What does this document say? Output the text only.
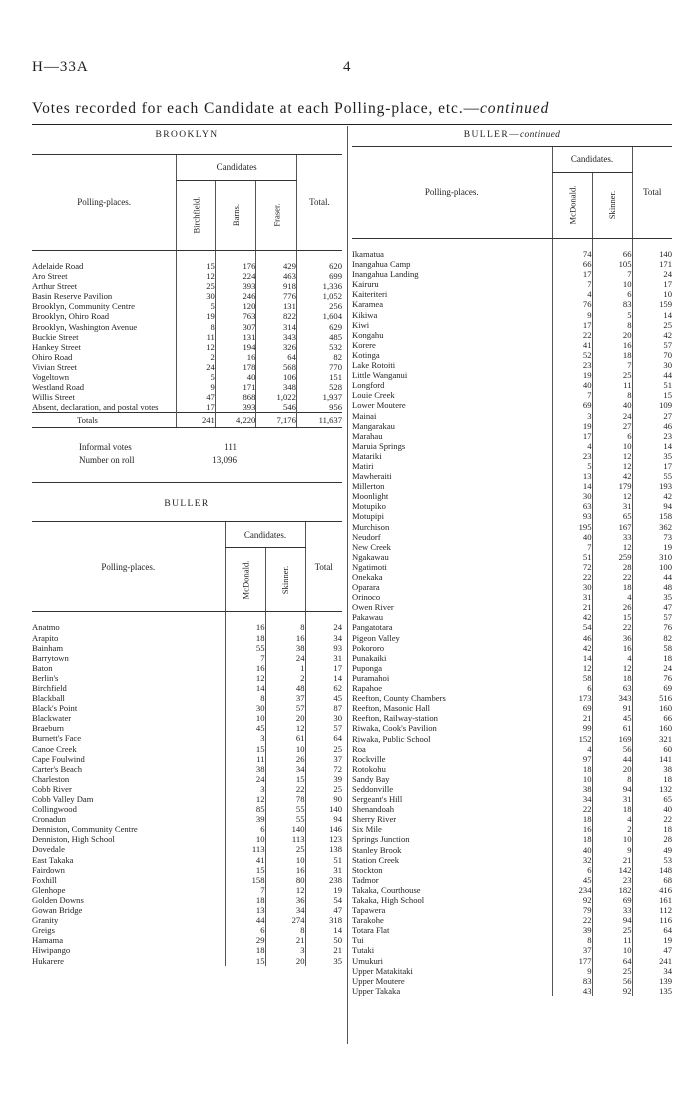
H—33A	4
Votes recorded for each Candidate at each Polling-place, etc.—continued
BROOKLYN
Polling-places.	Candidates			Total.
	Birchfield.	Barns.	Fraser.	

Adelaide Road	15	176	429	620
Aro Street	12	224	463	699
Arthur Street	25	393	918	1,336
Basin Reserve Pavilion	30	246	776	1,052
Brooklyn, Community Centre	5	120	131	256
Brooklyn, Ohiro Road	19	763	822	1,604
Brooklyn, Washington Avenue	8	307	314	629
Buckie Street	11	131	343	485
Hankey Street	12	194	326	532
Ohiro Road	2	16	64	82
Vivian Street	24	178	568	770
Vogeltown	5	40	106	151
Westland Road	9	171	348	528
Willis Street	47	868	1,022	1,937
Absent, declaration, and postal votes	17	393	546	956
Totals	241	4,220	7,176	11,637
Informal votes	111
Number on roll	13,096
BULLER
Polling-places.	Candidates.		Total
	McDonald.	Skinner.	

Anatmo	16	8	24
Arapito	18	16	34
Bainham	55	38	93
Barrytown	7	24	31
Baton	16	1	17
Berlin's	12	2	14
Birchfield	14	48	62
Blackball	8	37	45
Black's Point	30	57	87
Blackwater	10	20	30
Braeburn	45	12	57
Burnett's Face	3	61	64
Canoe Creek	15	10	25
Cape Foulwind	11	26	37
Carter's Beach	38	34	72
Charleston	24	15	39
Cobb River	3	22	25
Cobb Valley Dam	12	78	90
Collingwood	85	55	140
Cronadun	39	55	94
Denniston, Community Centre	6	140	146
Denniston, High School	10	113	123
Dovedale	113	25	138
East Takaka	41	10	51
Fairdown	15	16	31
Foxhill	158	80	238
Glenhope	7	12	19
Golden Downs	18	36	54
Gowan Bridge	13	34	47
Granity	44	274	318
Greigs	6	8	14
Hamama	29	21	50
Hiwipango	18	3	21
Hukarere	15	20	35
BULLER—continued
Polling-places.	Candidates.		Total
	McDonald.	Skinner.	

Ikamatua	74	66	140
Inangahua Camp	66	105	171
Inangahua Landing	17	7	24
Kairuru	7	10	17
Kaiteriteri	4	6	10
Karamea	76	83	159
Kikiwa	9	5	14
Kiwi	17	8	25
Kongahu	22	20	42
Korere	41	16	57
Kotinga	52	18	70
Lake Rotoiti	23	7	30
Little Wanganui	19	25	44
Longford	40	11	51
Louie Creek	7	8	15
Lower Moutere	69	40	109
Mainai	3	24	27
Mangarakau	19	27	46
Marahau	17	6	23
Maruia Springs	4	10	14
Matariki	23	12	35
Matiri	5	12	17
Mawheraiti	13	42	55
Millerton	14	179	193
Moonlight	30	12	42
Motupiko	63	31	94
Motupipi	93	65	158
Murchison	195	167	362
Neudorf	40	33	73
New Creek	7	12	19
Ngakawau	51	259	310
Ngatimoti	72	28	100
Onekaka	22	22	44
Oparara	30	18	48
Orinoco	31	4	35
Owen River	21	26	47
Pakawau	42	15	57
Pangatotara	54	22	76
Pigeon Valley	46	36	82
Pokororo	42	16	58
Punakaiki	14	4	18
Puponga	12	12	24
Puramahoi	58	18	76
Rapahoe	6	63	69
Reefton, County Chambers	173	343	516
Reefton, Masonic Hall	69	91	160
Reefton, Railway-station	21	45	66
Riwaka, Cook's Pavilion	99	61	160
Riwaka, Public School	152	169	321
Roa	4	56	60
Rockville	97	44	141
Rotokohu	18	20	38
Sandy Bay	10	8	18
Seddonville	38	94	132
Sergeant's Hill	34	31	65
Shenandoah	22	18	40
Sherry River	18	4	22
Six Mile	16	2	18
Springs Junction	18	10	28
Stanley Brook	40	9	49
Station Creek	32	21	53
Stockton	6	142	148
Tadmor	45	23	68
Takaka, Courthouse	234	182	416
Takaka, High School	92	69	161
Tapawera	79	33	112
Tarakohe	22	94	116
Totara Flat	39	25	64
Tui	8	11	19
Tutaki	37	10	47
Umukuri	177	64	241
Upper Matakitaki	9	25	34
Upper Moutere	83	56	139
Upper Takaka	43	92	135
